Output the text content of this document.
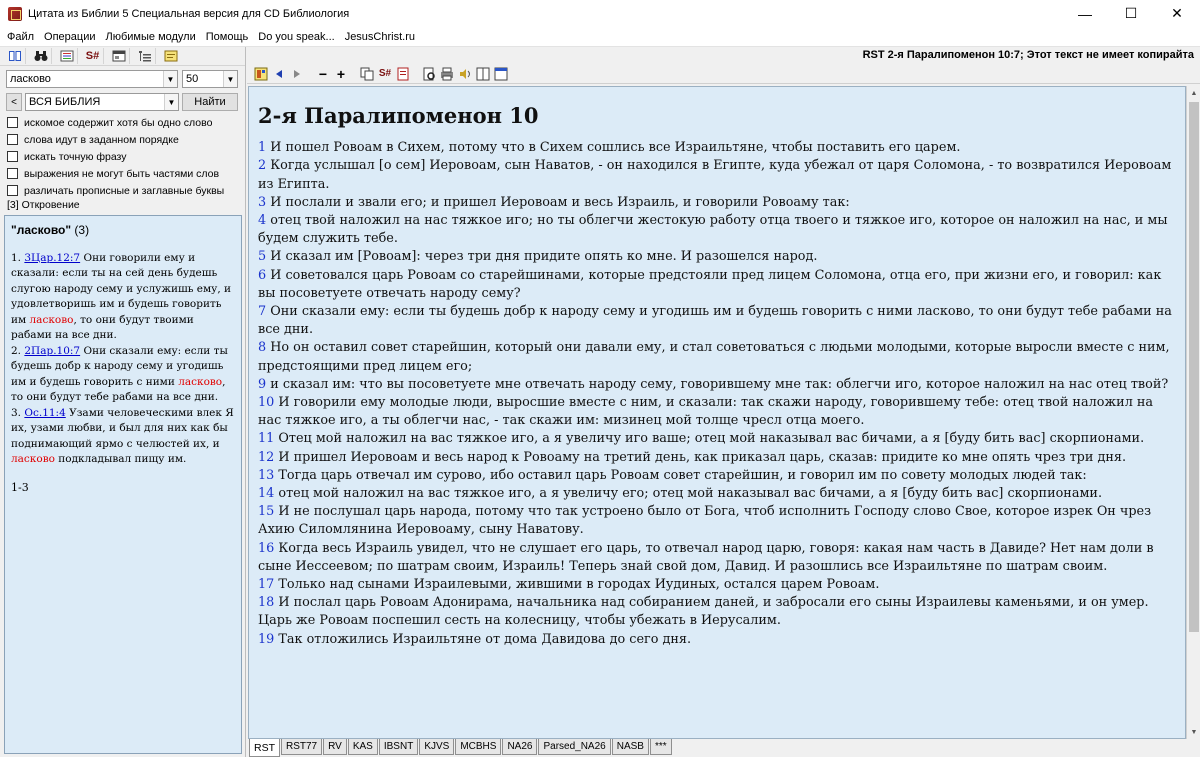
Цитата из Библии 5 Специальная версия для CD Библиология	—	☐	✕
Файл Операции Любимые модули Помощь Do you speak... JesusChrist.ru
S#
ласково	▼ 50	▼
<	ВСЯ БИБЛИЯ	▼	Найти
искомое содержит хотя бы одно слово
слова идут в заданном порядке
искать точную фразу
выражения не могут быть частями слов
различать прописные и заглавные буквы
[3] Откровение
"ласково" (3)
1. 3Цар.12:7 Они говорили ему и сказали: если ты на сей день будешь слугою народу сему и услужишь ему, и удовлетворишь им и будешь говорить им ласково, то они будут твоими рабами на все дни.
2. 2Пар.10:7 Они сказали ему: если ты будешь добр к народу сему и угодишь им и будешь говорить с ними ласково, то они будут тебе рабами на все дни.
3. Ос.11:4 Узами человеческими влек Я их, узами любви, и был для них как бы поднимающий ярмо с челюстей их, и ласково подкладывал пищу им.
1-3
RST 2-я Паралипоменон 10:7; Этот текст не имеет копирайта
− +	S#
2-я Паралипоменон 10
1 И пошел Ровоам в Сихем, потому что в Сихем сошлись все Израильтяне, чтобы поставить его царем.
2 Когда услышал [о сем] Иеровоам, сын Наватов, - он находился в Египте, куда убежал от царя Соломона, - то возвратился Иеровоам из Египта.
3 И послали и звали его; и пришел Иеровоам и весь Израиль, и говорили Ровоаму так:
4 отец твой наложил на нас тяжкое иго; но ты облегчи жестокую работу отца твоего и тяжкое иго, которое он наложил на нас, и мы будем служить тебе.
5 И сказал им [Ровоам]: через три дня придите опять ко мне. И разошелся народ.
6 И советовался царь Ровоам со старейшинами, которые предстояли пред лицем Соломона, отца его, при жизни его, и говорил: как вы посоветуете отвечать народу сему?
7 Они сказали ему: если ты будешь добр к народу сему и угодишь им и будешь говорить с ними ласково, то они будут тебе рабами на все дни.
8 Но он оставил совет старейшин, который они давали ему, и стал советоваться с людьми молодыми, которые выросли вместе с ним, предстоящими пред лицем его;
9 и сказал им: что вы посоветуете мне отвечать народу сему, говорившему мне так: облегчи иго, которое наложил на нас отец твой?
10 И говорили ему молодые люди, выросшие вместе с ним, и сказали: так скажи народу, говорившему тебе: отец твой наложил на нас тяжкое иго, а ты облегчи нас, - так скажи им: мизинец мой толще чресл отца моего.
11 Отец мой наложил на вас тяжкое иго, а я увеличу иго ваше; отец мой наказывал вас бичами, а я [буду бить вас] скорпионами.
12 И пришел Иеровоам и весь народ к Ровоаму на третий день, как приказал царь, сказав: придите ко мне опять чрез три дня.
13 Тогда царь отвечал им сурово, ибо оставил царь Ровоам совет старейшин, и говорил им по совету молодых людей так:
14 отец мой наложил на вас тяжкое иго, а я увеличу его; отец мой наказывал вас бичами, а я [буду бить вас] скорпионами.
15 И не послушал царь народа, потому что так устроено было от Бога, чтоб исполнить Господу слово Свое, которое изрек Он чрез Ахию Силомлянина Иеровоаму, сыну Наватову.
16 Когда весь Израиль увидел, что не слушает его царь, то отвечал народ царю, говоря: какая нам часть в Давиде? Нет нам доли в сыне Иессеевом; по шатрам своим, Израиль! Теперь знай свой дом, Давид. И разошлись все Израильтяне по шатрам своим.
17 Только над сынами Израилевыми, жившими в городах Иудиных, остался царем Ровоам.
18 И послал царь Ровоам Адонирама, начальника над собиранием даней, и забросали его сыны Израилевы каменьями, и он умер. Царь же Ровоам поспешил сесть на колесницу, чтобы убежать в Иерусалим.
19 Так отложились Израильтяне от дома Давидова до сего дня.
▲
▼
RST	RST77	RV	KAS	IBSNT	KJVS	MCBHS	NA26	Parsed_NA26	NASB	***
